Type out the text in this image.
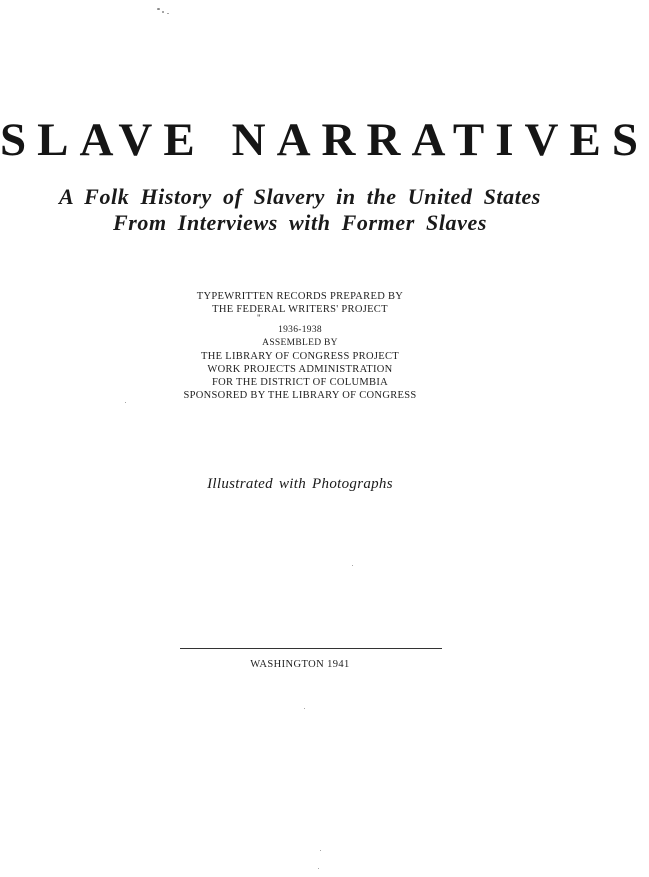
SLAVE NARRATIVES
A Folk History of Slavery in the United States
From Interviews with Former Slaves
TYPEWRITTEN RECORDS PREPARED BY
THE FEDERAL WRITERS' PROJECT
"
1936-1938
ASSEMBLED BY
THE LIBRARY OF CONGRESS PROJECT
WORK PROJECTS ADMINISTRATION
FOR THE DISTRICT OF COLUMBIA
SPONSORED BY THE LIBRARY OF CONGRESS
Illustrated with Photographs
WASHINGTON 1941
